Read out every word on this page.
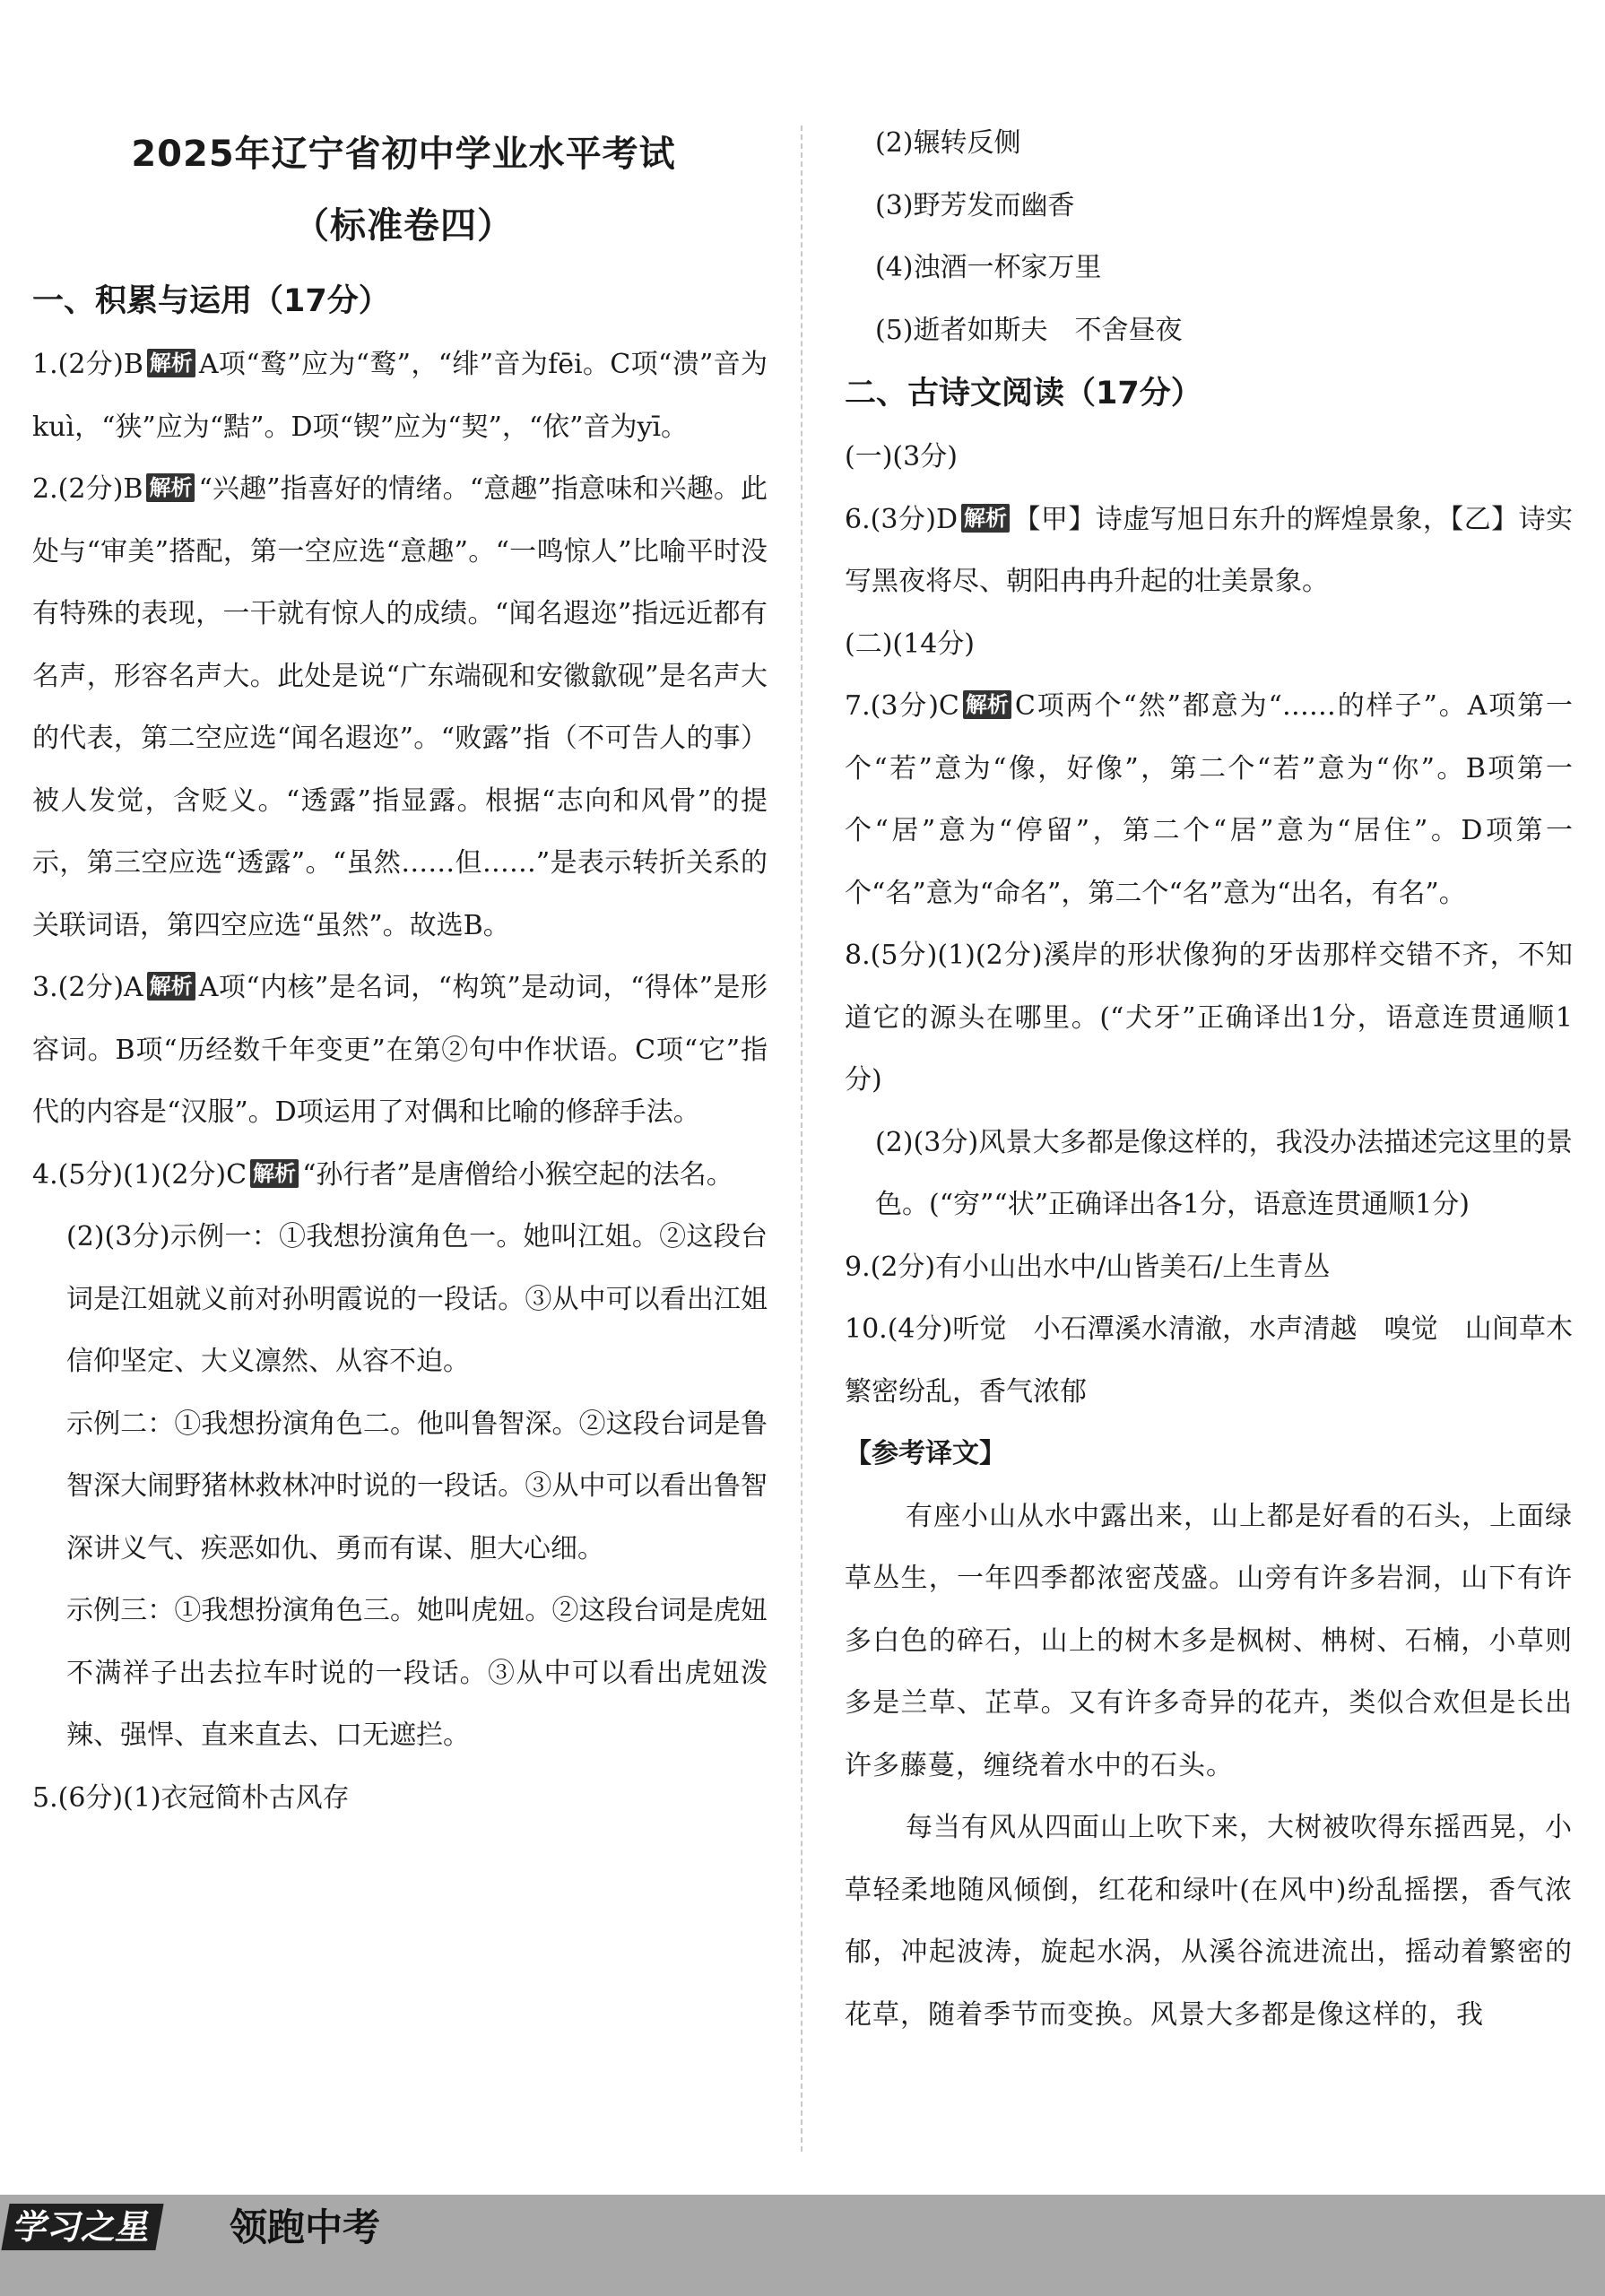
2025年辽宁省初中学业水平考试
（标准卷四）
一、积累与运用（17分）
1.(2分)B 解析 A项“鹜”应为“鹜”，“绯”音为fēi。C项“溃”音为kuì，“狭”应为“黠”。D项“锲”应为“契”，“依”音为yī。
2.(2分)B 解析 “兴趣”指喜好的情绪。“意趣”指意味和兴趣。此处与“审美”搭配，第一空应选“意趣”。“一鸣惊人”比喻平时没有特殊的表现，一干就有惊人的成绩。“闻名遐迩”指远近都有名声，形容名声大。此处是说“广东端砚和安徽歙砚”是名声大的代表，第二空应选“闻名遐迩”。“败露”指（不可告人的事）被人发觉，含贬义。“透露”指显露。根据“志向和风骨”的提示，第三空应选“透露”。“虽然……但……”是表示转折关系的关联词语，第四空应选“虽然”。故选B。
3.(2分)A 解析 A项“内核”是名词，“构筑”是动词，“得体”是形容词。B项“历经数千年变更”在第②句中作状语。C项“它”指代的内容是“汉服”。D项运用了对偶和比喻的修辞手法。
4.(5分)(1)(2分)C 解析 “孙行者”是唐僧给小猴空起的法名。
(2)(3分)示例一：①我想扮演角色一。她叫江姐。②这段台词是江姐就义前对孙明霞说的一段话。③从中可以看出江姐信仰坚定、大义凛然、从容不迫。
示例二：①我想扮演角色二。他叫鲁智深。②这段台词是鲁智深大闹野猪林救林冲时说的一段话。③从中可以看出鲁智深讲义气、疾恶如仇、勇而有谋、胆大心细。
示例三：①我想扮演角色三。她叫虎妞。②这段台词是虎妞不满祥子出去拉车时说的一段话。③从中可以看出虎妞泼辣、强悍、直来直去、口无遮拦。
5.(6分)(1)衣冠简朴古风存
(2)辗转反侧
(3)野芳发而幽香
(4)浊酒一杯家万里
(5)逝者如斯夫　不舍昼夜
二、古诗文阅读（17分）
(一)(3分)
6.(3分)D 解析 【甲】诗虚写旭日东升的辉煌景象，【乙】诗实写黑夜将尽、朝阳冉冉升起的壮美景象。
(二)(14分)
7.(3分)C 解析 C项两个“然”都意为“……的样子”。A项第一个“若”意为“像，好像”，第二个“若”意为“你”。B项第一个“居”意为“停留”，第二个“居”意为“居住”。D项第一个“名”意为“命名”，第二个“名”意为“出名，有名”。
8.(5分)(1)(2分)溪岸的形状像狗的牙齿那样交错不齐，不知道它的源头在哪里。(“犬牙”正确译出1分，语意连贯通顺1分)
(2)(3分)风景大多都是像这样的，我没办法描述完这里的景色。(“穷”“状”正确译出各1分，语意连贯通顺1分)
9.(2分)有小山出水中/山皆美石/上生青丛
10.(4分)听觉　小石潭溪水清澈，水声清越　嗅觉　山间草木繁密纷乱，香气浓郁
【参考译文】
有座小山从水中露出来，山上都是好看的石头，上面绿草丛生，一年四季都浓密茂盛。山旁有许多岩洞，山下有许多白色的碎石，山上的树木多是枫树、柟树、石楠，小草则多是兰草、芷草。又有许多奇异的花卉，类似合欢但是长出许多藤蔓，缠绕着水中的石头。
每当有风从四面山上吹下来，大树被吹得东摇西晃，小草轻柔地随风倾倒，红花和绿叶(在风中)纷乱摇摆，香气浓郁，冲起波涛，旋起水涡，从溪谷流进流出，摇动着繁密的花草，随着季节而变换。风景大多都是像这样的，我
学习之星 领跑中考
